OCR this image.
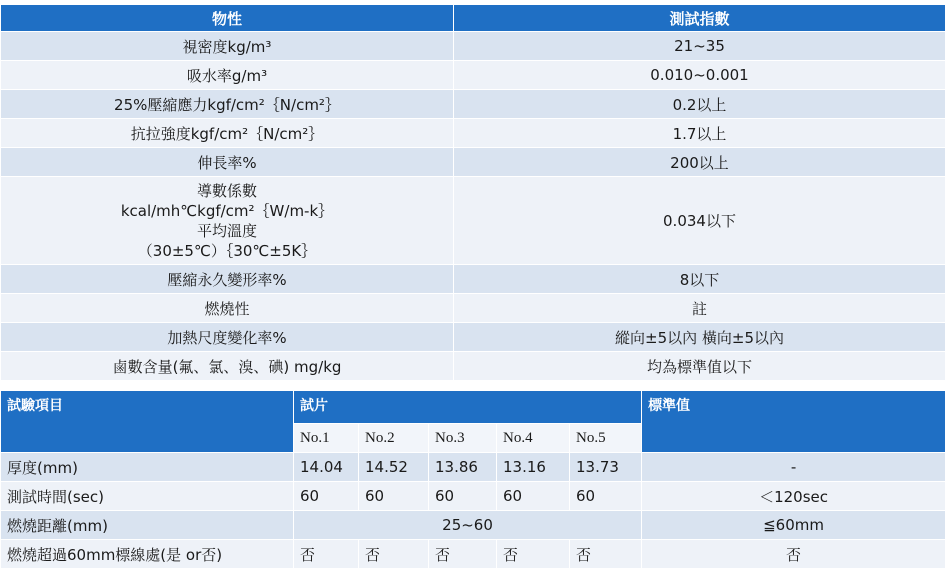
物性	測試指數
視密度kg/m³	21~35
吸水率g/m³	0.010~0.001
25%壓縮應力kgf/cm²｛N/cm²｝	0.2以上
抗拉強度kgf/cm²｛N/cm²｝	1.7以上
伸長率%	200以上

導數係數
kcal/mh℃kgf/cm²｛W/m-k｝
平均溫度
（30±5℃）｛30℃±5K｝	0.034以下
壓縮永久變形率%	8以下
燃燒性	註
加熱尺度變化率%	縱向±5以內 橫向±5以內
鹵數含量(氟、氯、溴、碘) mg/kg	均為標準值以下
試驗項目	試片					標準值
	No.1	No.2	No.3	No.4	No.5	
厚度(mm)	14.04	14.52	13.86	13.16	13.73	-
測試時間(sec)	60	60	60	60	60	＜120sec
燃燒距離(mm)	25~60					≦60mm
燃燒超過60mm標線處(是 or否)	否	否	否	否	否	否
